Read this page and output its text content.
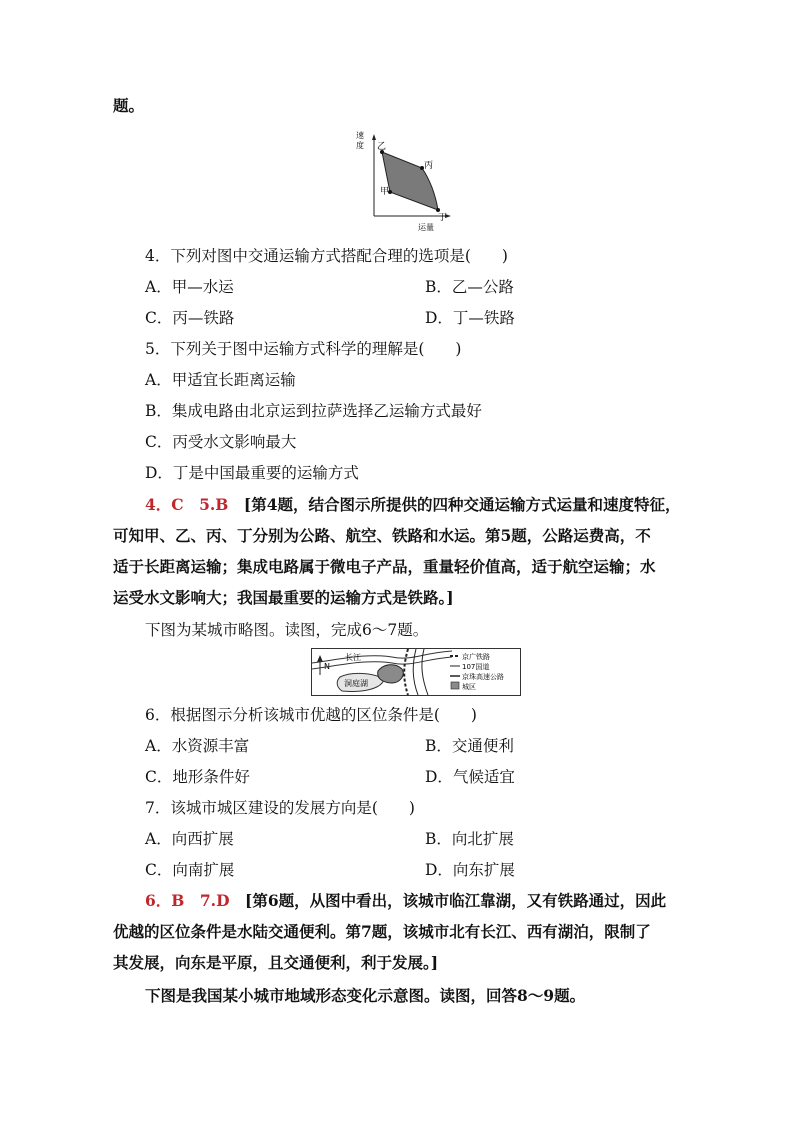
题。
速
度 乙
丙
甲
丁
运量
4．下列对图中交通运输方式搭配合理的选项是(　　)
A．甲—水运	B．乙—公路
C．丙—铁路	D．丁—铁路
5．下列关于图中运输方式科学的理解是(　　)
A．甲适宜长距离运输
B．集成电路由北京运到拉萨选择乙运输方式最好
C．丙受水文影响最大
D．丁是中国最重要的运输方式
4．C　5.B　[第4题，结合图示所提供的四种交通运输方式运量和速度特征，
可知甲、乙、丙、丁分别为公路、航空、铁路和水运。第5题，公路运费高，不
适于长距离运输；集成电路属于微电子产品，重量轻价值高，适于航空运输；水
运受水文影响大；我国最重要的运输方式是铁路。]
下图为某城市略图。读图，完成6～7题。
N
长江
洞庭湖
京广铁路
107国道
京珠高速公路
城区
6．根据图示分析该城市优越的区位条件是(　　)
A．水资源丰富	B．交通便利
C．地形条件好	D．气候适宜
7．该城市城区建设的发展方向是(　　)
A．向西扩展	B．向北扩展
C．向南扩展	D．向东扩展
6．B　7.D　[第6题，从图中看出，该城市临江靠湖，又有铁路通过，因此
优越的区位条件是水陆交通便利。第7题，该城市北有长江、西有湖泊，限制了
其发展，向东是平原，且交通便利，利于发展。]
下图是我国某小城市地域形态变化示意图。读图，回答8～9题。
